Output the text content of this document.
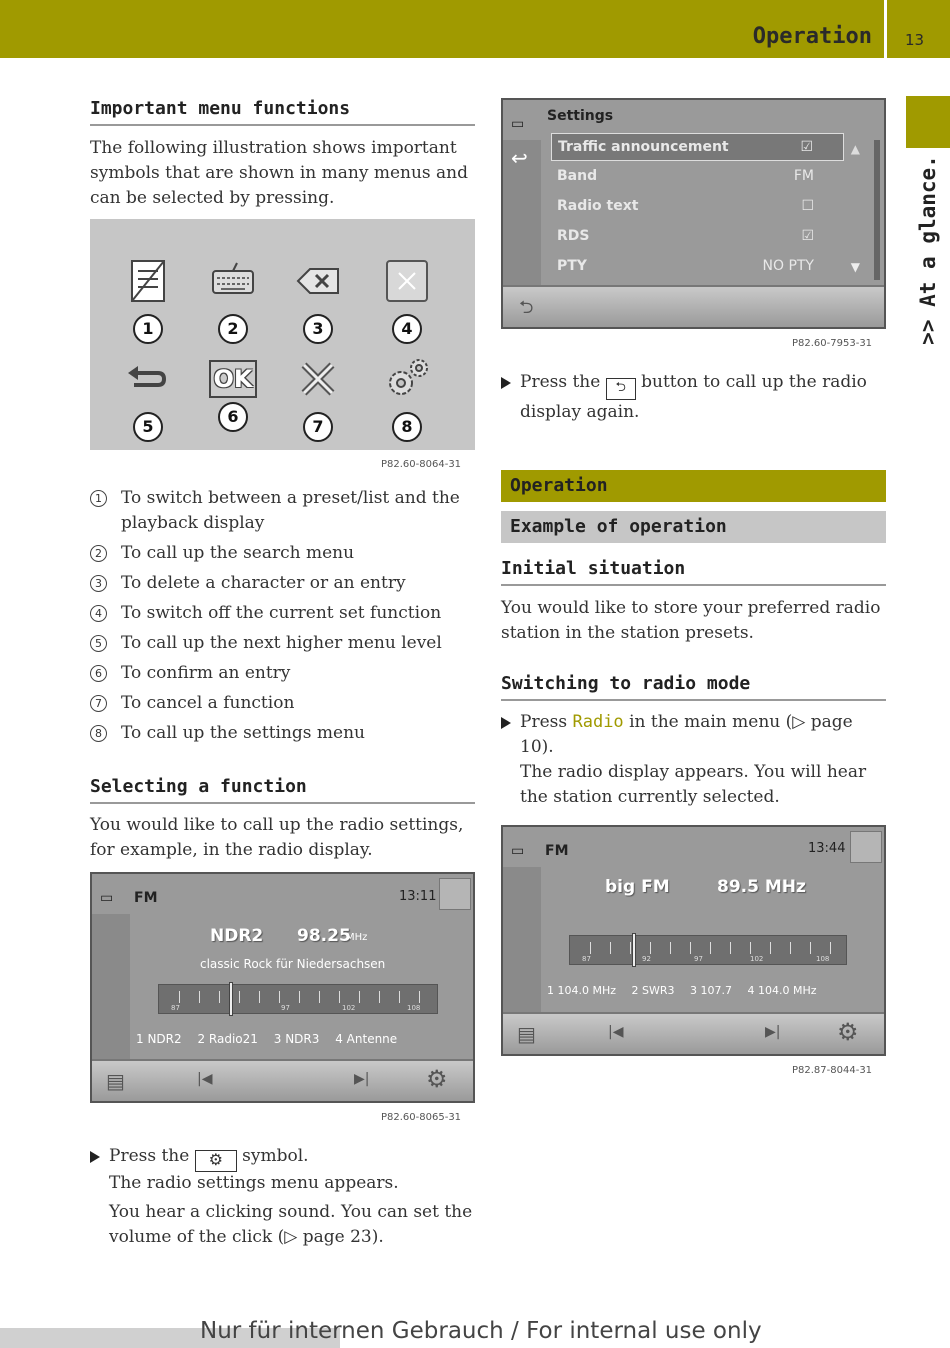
Operation 13
>> At a glance.
Important menu functions

The following illustration shows important symbols that are shown in many menus and can be selected by pressing.

1	2	3	4
5
OK
6
7	8
P82.60-8064-31
1 To switch between a preset/list and the playback display
2 To call up the search menu
3 To delete a character or an entry
4 To switch off the current set function
5 To call up the next higher menu level
6 To confirm an entry
7 To cancel a function
8 To call up the settings menu
Selecting a function

You would like to call up the radio settings, for example, in the radio display.

▭ FM	13:11
NDR2 98.25
MHz
classic Rock für Niedersachsen
87	97	102	108
1 NDR2 2 Radio21 3 NDR3 4 Antenne
▤	|◀	▶| ⚙
P82.60-8065-31
Press the ⚙ symbol.

The radio settings menu appears.

You hear a clicking sound. You can set the volume of the click (▷ page 23).

▭
↩
Settings
Traffic announcement	☑
Band	FM
Radio text	☐
RDS	☑
PTY	NO PTY
▲
▼
⮌
P82.60-7953-31
Press the ⮌ button to call up the radio display again.
Operation
Example of operation
Initial situation

You would like to store your preferred radio station in the station presets.

Switching to radio mode
Press Radio in the main menu (▷ page 10).

The radio display appears. You will hear the station currently selected.

▭ FM	13:44
big FM	89.5 MHz
87	92	97	102	108
1 104.0 MHz 2 SWR3 3 107.7 4 104.0 MHz
▤	|◀	▶| ⚙
P82.87-8044-31
Nur für internen Gebrauch / For internal use only
